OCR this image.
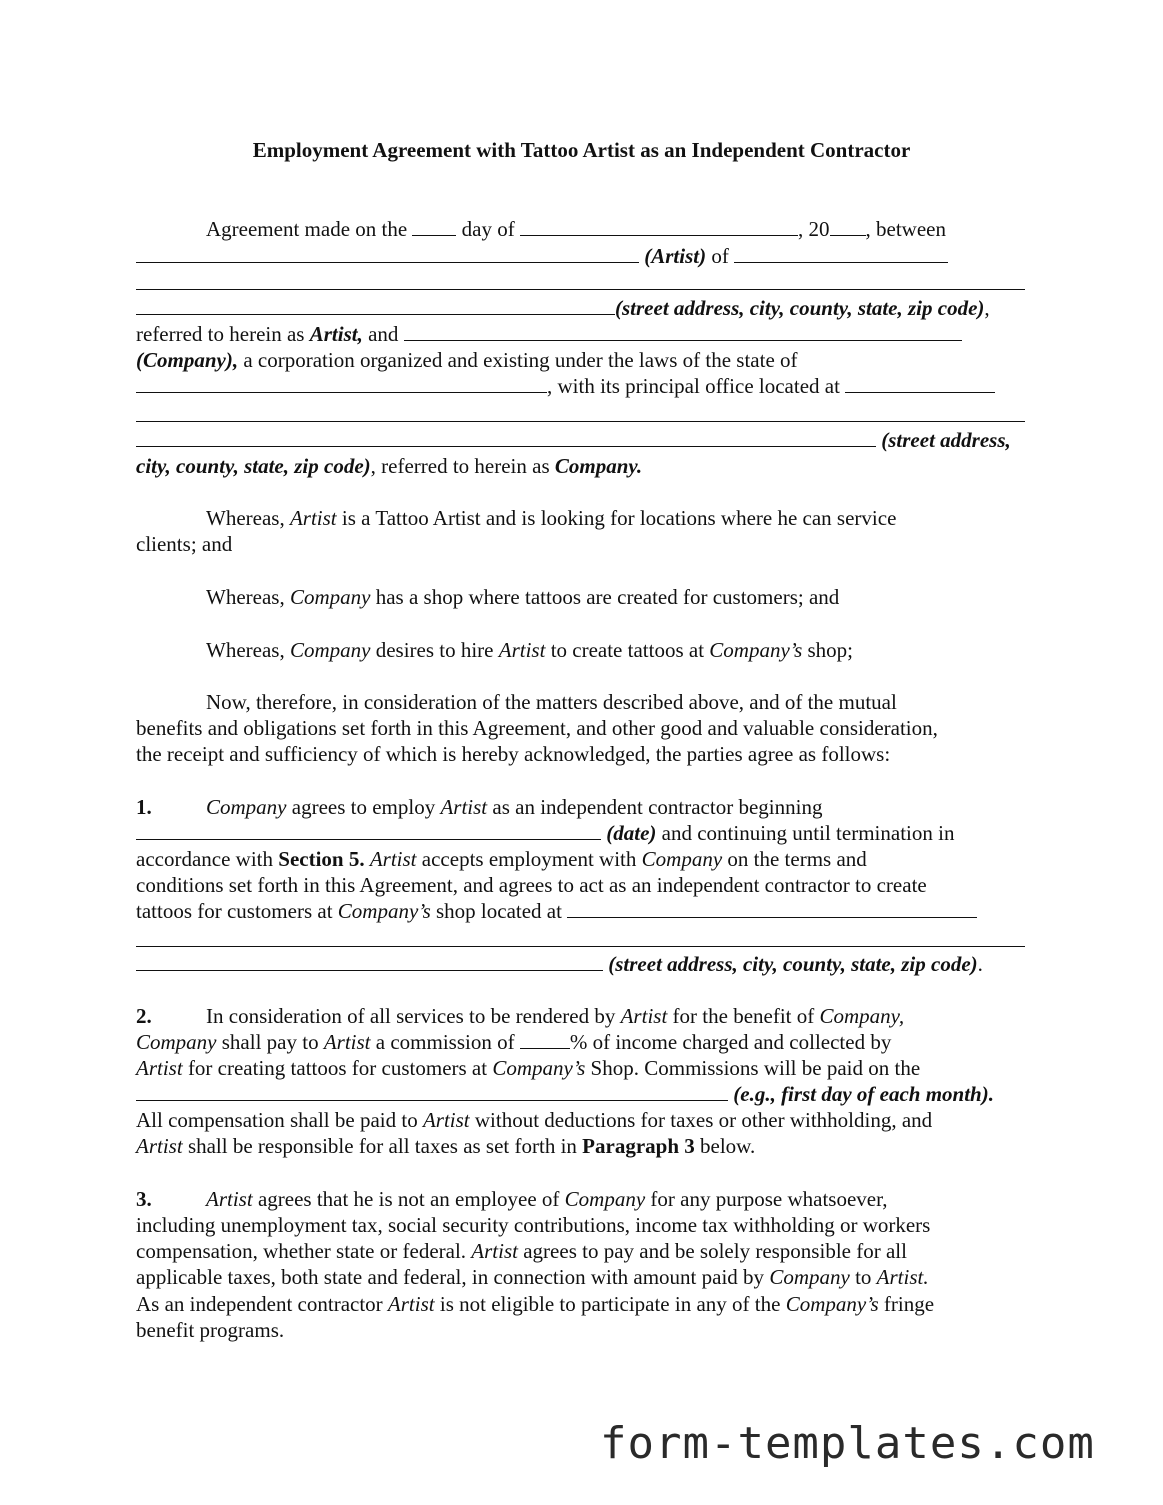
Employment Agreement with Tattoo Artist as an Independent Contractor
Agreement made on the	day of	, 20 , between
(Artist) of
(street address, city, county, state, zip code),
referred to herein as Artist, and
(Company), a corporation organized and existing under the laws of the state of
, with its principal office located at
(street address,
city, county, state, zip code), referred to herein as Company.
Whereas, Artist is a Tattoo Artist and is looking for locations where he can service
clients; and
Whereas, Company has a shop where tattoos are created for customers; and
Whereas, Company desires to hire Artist to create tattoos at Company’s shop;
Now, therefore, in consideration of the matters described above, and of the mutual
benefits and obligations set forth in this Agreement, and other good and valuable consideration,
the receipt and sufficiency of which is hereby acknowledged, the parties agree as follows:
1.	Company agrees to employ Artist as an independent contractor beginning
(date) and continuing until termination in
accordance with Section 5. Artist accepts employment with Company on the terms and
conditions set forth in this Agreement, and agrees to act as an independent contractor to create
tattoos for customers at Company’s shop located at
(street address, city, county, state, zip code).
2.	In consideration of all services to be rendered by Artist for the benefit of Company,
Company shall pay to Artist a commission of	% of income charged and collected by
Artist for creating tattoos for customers at Company’s Shop. Commissions will be paid on the
(e.g., first day of each month).
All compensation shall be paid to Artist without deductions for taxes or other withholding, and
Artist shall be responsible for all taxes as set forth in Paragraph 3 below.
3.	Artist agrees that he is not an employee of Company for any purpose whatsoever,
including unemployment tax, social security contributions, income tax withholding or workers
compensation, whether state or federal. Artist agrees to pay and be solely responsible for all
applicable taxes, both state and federal, in connection with amount paid by Company to Artist.
As an independent contractor Artist is not eligible to participate in any of the Company’s fringe
benefit programs.
form-templates.com
